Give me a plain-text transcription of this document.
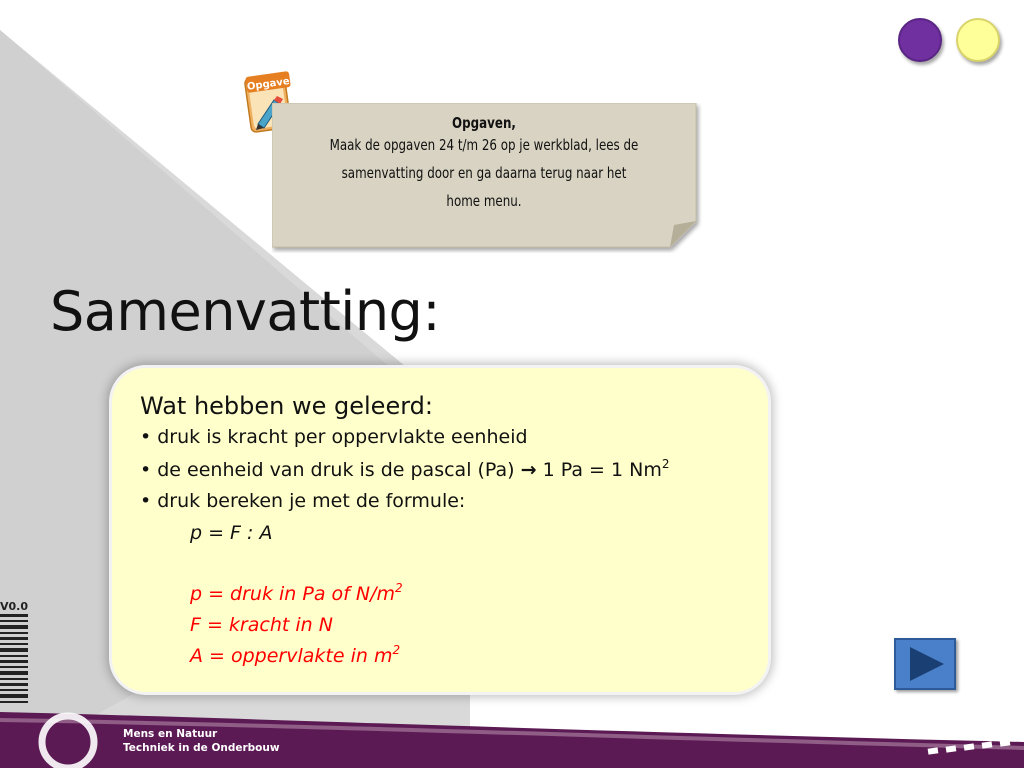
Opgave
Opgaven,
Maak de opgaven 24 t/m 26 op je werkblad, lees de
samenvatting door en ga daarna terug naar het
home menu.
Samenvatting:
Wat hebben we geleerd:
• druk is kracht per oppervlakte eenheid
• de eenheid van druk is de pascal (Pa) → 1 Pa = 1 Nm$^2$
• druk bereken je met de formule:
p = F : A
p = druk in Pa of $N/m^2$
F = kracht in N
A = oppervlakte in $m^2$
V0.0
Mens en Natuur
Techniek in de Onderbouw
